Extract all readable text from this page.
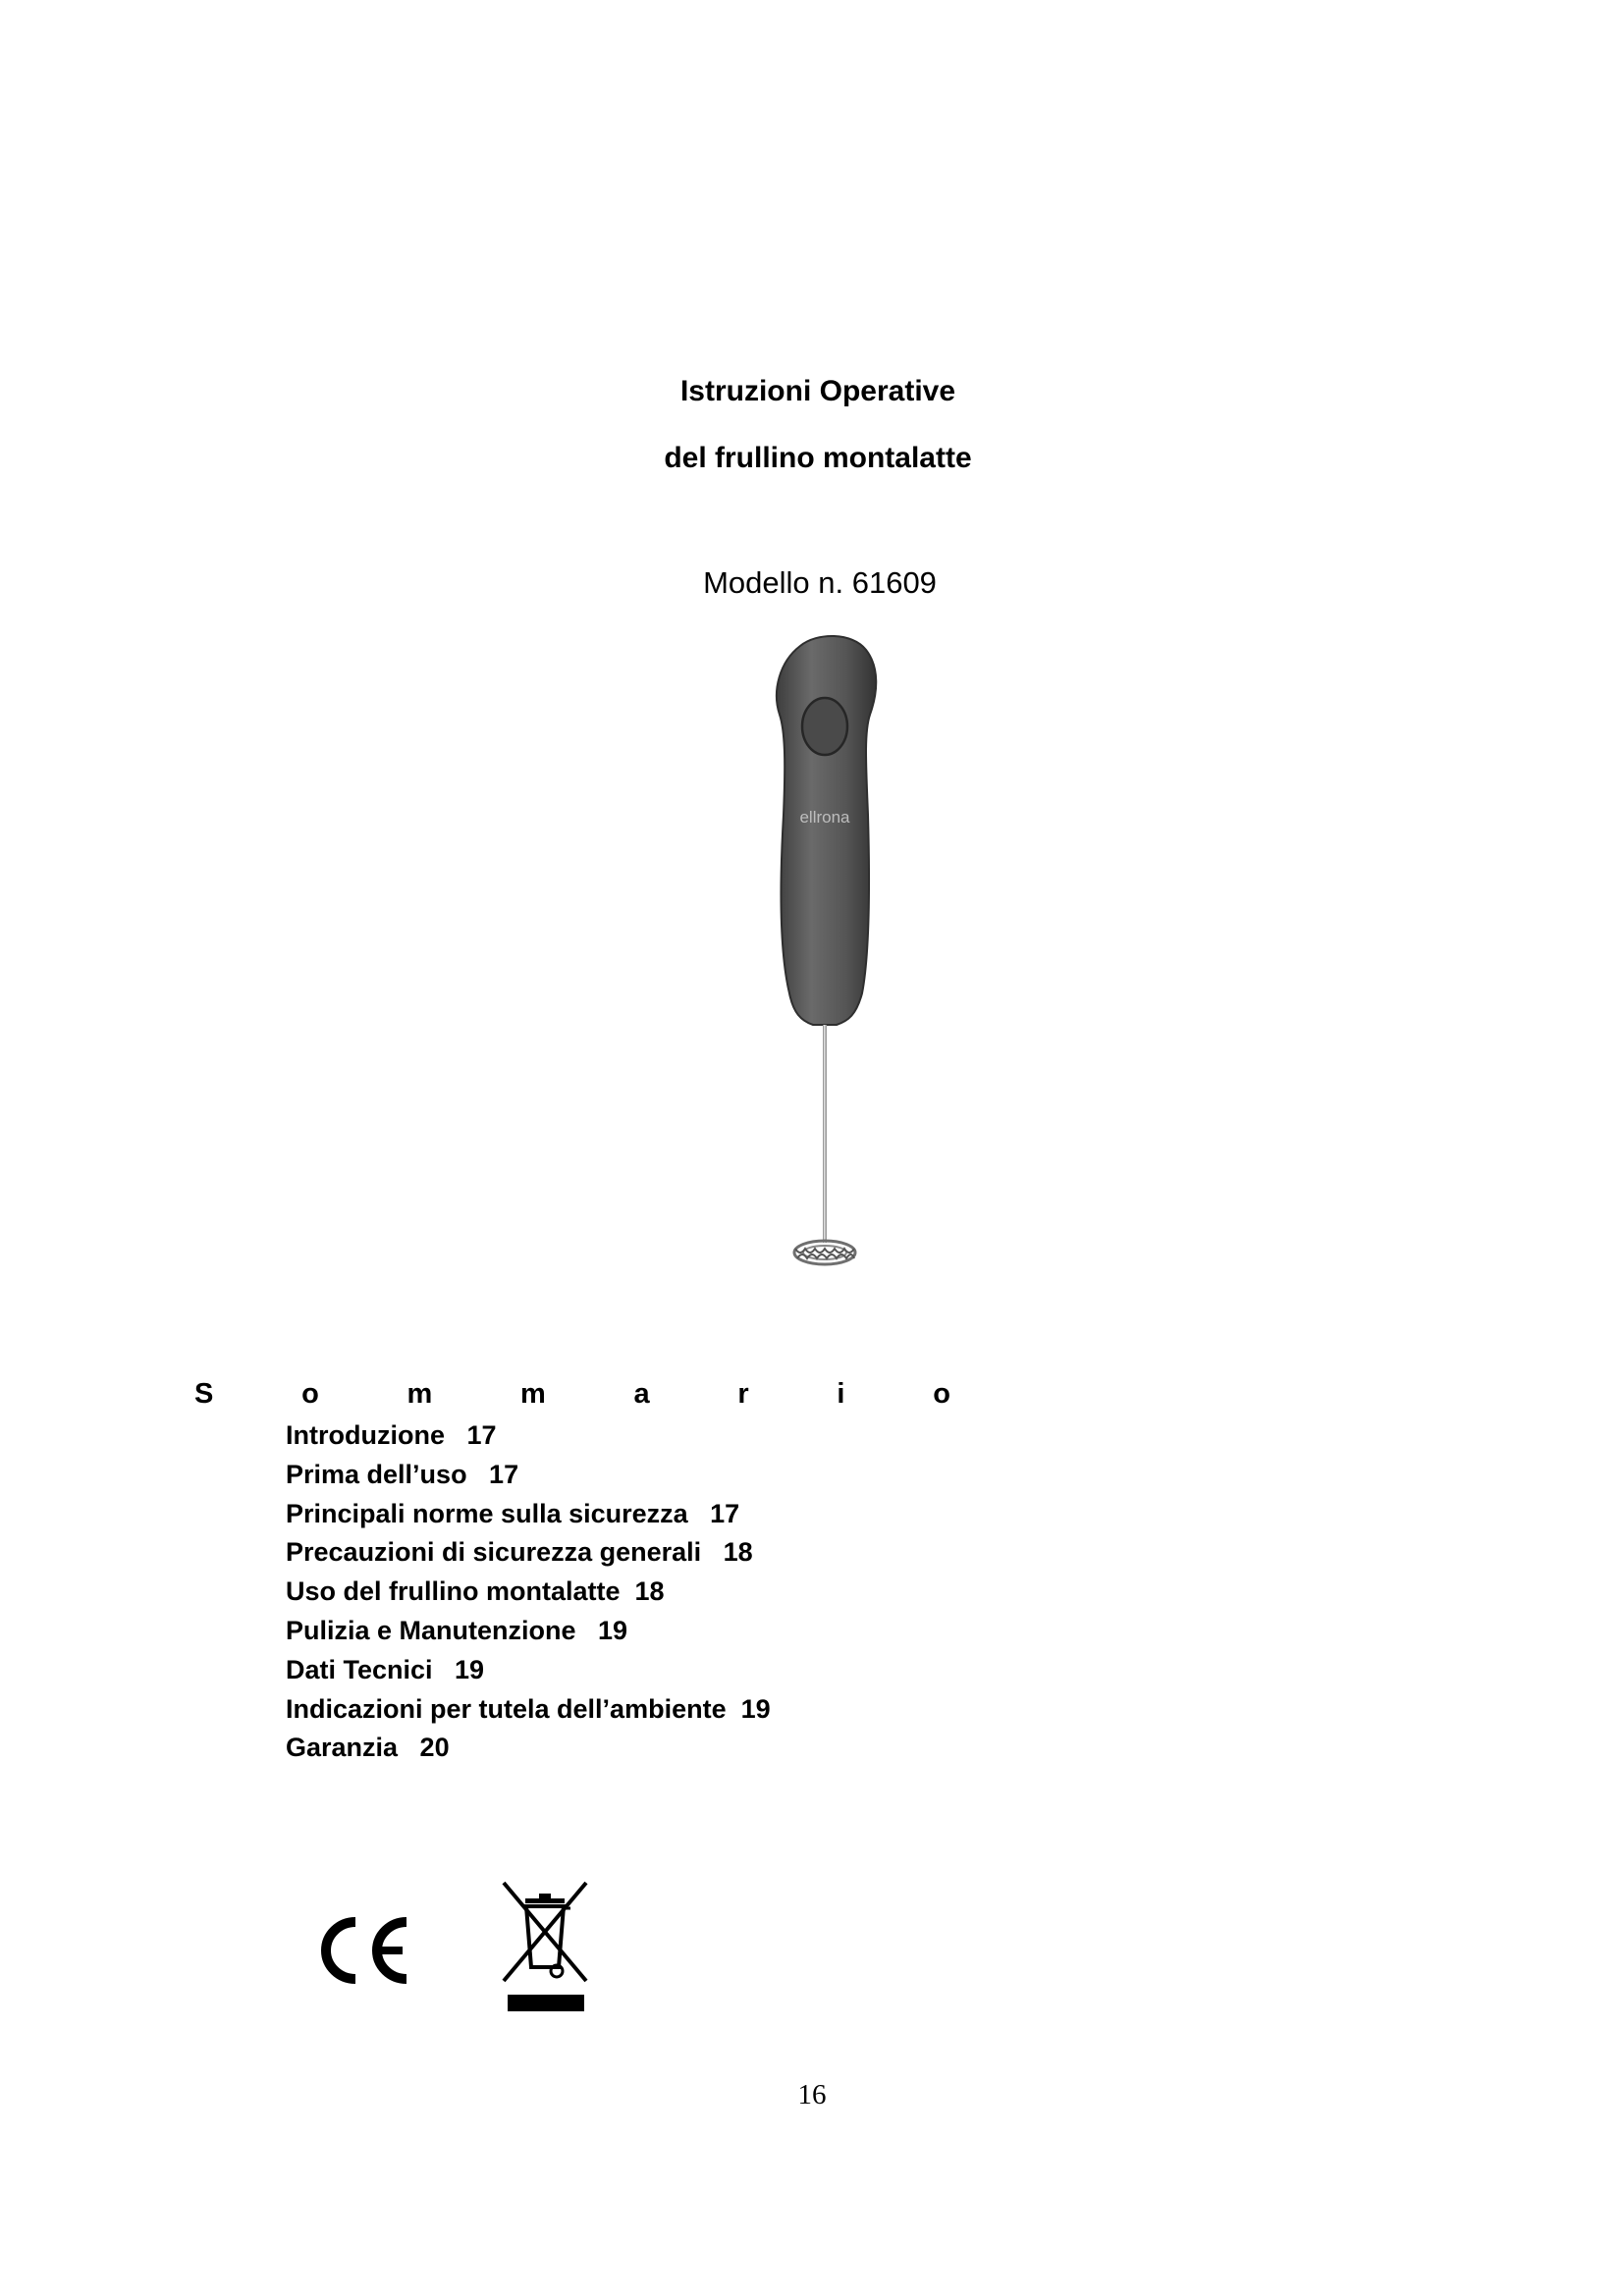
Istruzioni Operative
del frullino montalatte
Modello n. 61609
ellrona
S	o	m	m	a	r	i	o
Introduzione   17
Prima dell’uso   17
Principali norme sulla sicurezza   17
Precauzioni di sicurezza generali   18
Uso del frullino montalatte  18
Pulizia e Manutenzione   19
Dati Tecnici   19
Indicazioni per tutela dell’ambiente  19
Garanzia   20
16
